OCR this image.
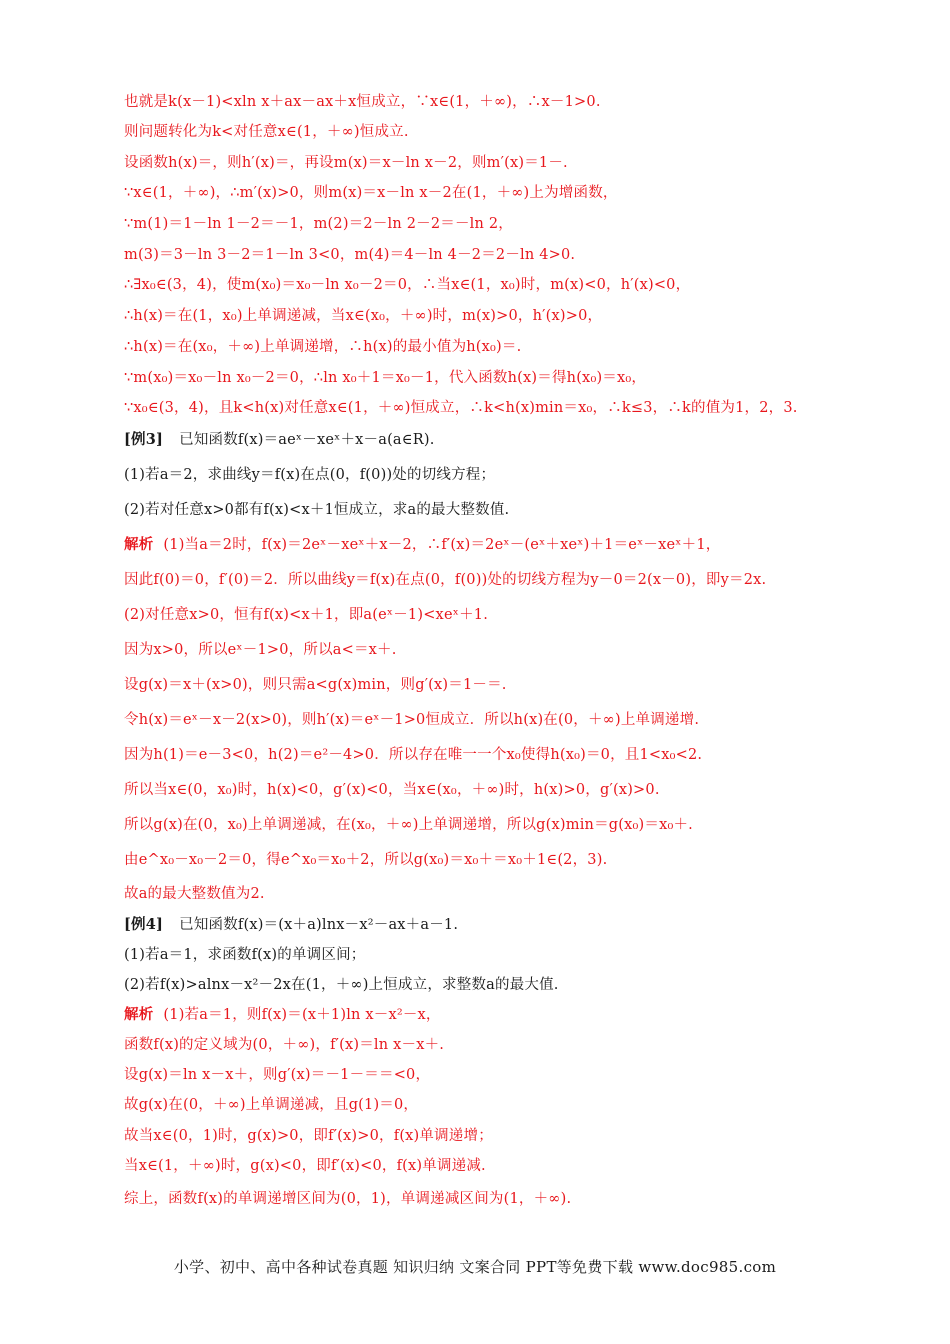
也就是k(x－1)<xln x＋ax－ax＋x恒成立，∵x∈(1，＋∞)，∴x－1>0.
则问题转化为k<对任意x∈(1，＋∞)恒成立.
设函数h(x)＝，则h′(x)＝，再设m(x)＝x－ln x－2，则m′(x)＝1－.
∵x∈(1，＋∞)，∴m′(x)>0，则m(x)＝x－ln x－2在(1，＋∞)上为增函数，
∵m(1)＝1－ln 1－2＝－1，m(2)＝2－ln 2－2＝－ln 2，
m(3)＝3－ln 3－2＝1－ln 3<0，m(4)＝4－ln 4－2＝2－ln 4>0.
∴∃x₀∈(3，4)，使m(x₀)＝x₀－ln x₀－2＝0，∴当x∈(1，x₀)时，m(x)<0，h′(x)<0，
∴h(x)＝在(1，x₀)上单调递减，当x∈(x₀，＋∞)时，m(x)>0，h′(x)>0，
∴h(x)＝在(x₀，＋∞)上单调递增，∴h(x)的最小值为h(x₀)＝.
∵m(x₀)＝x₀－ln x₀－2＝0，∴ln x₀＋1＝x₀－1，代入函数h(x)＝得h(x₀)＝x₀，
∵x₀∈(3，4)，且k<h(x)对任意x∈(1，＋∞)恒成立，∴k<h(x)min＝x₀，∴k≤3，∴k的值为1，2，3.
[例3] 已知函数f(x)＝aeˣ－xeˣ＋x－a(a∈R).
(1)若a＝2，求曲线y＝f(x)在点(0，f(0))处的切线方程；
(2)若对任意x>0都有f(x)<x＋1恒成立，求a的最大整数值.
解析 (1)当a＝2时，f(x)＝2eˣ－xeˣ＋x－2，∴f′(x)＝2eˣ－(eˣ＋xeˣ)＋1＝eˣ－xeˣ＋1，
因此f(0)＝0，f′(0)＝2．所以曲线y＝f(x)在点(0，f(0))处的切线方程为y－0＝2(x－0)，即y＝2x.
(2)对任意x>0，恒有f(x)<x＋1，即a(eˣ－1)<xeˣ＋1.
因为x>0，所以eˣ－1>0，所以a<＝x＋.
设g(x)＝x＋(x>0)，则只需a<g(x)min，则g′(x)＝1－＝.
令h(x)＝eˣ－x－2(x>0)，则h′(x)＝eˣ－1>0恒成立．所以h(x)在(0，＋∞)上单调递增.
因为h(1)＝e－3<0，h(2)＝e²－4>0．所以存在唯一一个x₀使得h(x₀)＝0，且1<x₀<2.
所以当x∈(0，x₀)时，h(x)<0，g′(x)<0，当x∈(x₀，＋∞)时，h(x)>0，g′(x)>0.
所以g(x)在(0，x₀)上单调递减，在(x₀，＋∞)上单调递增，所以g(x)min＝g(x₀)＝x₀＋.
由e^x₀－x₀－2＝0，得e^x₀＝x₀＋2，所以g(x₀)＝x₀＋＝x₀＋1∈(2，3).
故a的最大整数值为2.
[例4] 已知函数f(x)＝(x＋a)lnx－x²－ax＋a－1.
(1)若a＝1，求函数f(x)的单调区间；
(2)若f(x)>alnx－x²－2x在(1，＋∞)上恒成立，求整数a的最大值.
解析 (1)若a＝1，则f(x)＝(x＋1)ln x－x²－x，
函数f(x)的定义域为(0，＋∞)，f′(x)＝ln x－x＋.
设g(x)＝ln x－x＋，则g′(x)＝－1－＝＝<0，
故g(x)在(0，＋∞)上单调递减，且g(1)＝0，
故当x∈(0，1)时，g(x)>0，即f′(x)>0，f(x)单调递增；
当x∈(1，＋∞)时，g(x)<0，即f′(x)<0，f(x)单调递减.
综上，函数f(x)的单调递增区间为(0，1)，单调递减区间为(1，＋∞).
小学、初中、高中各种试卷真题 知识归纳 文案合同 PPT等免费下载 www.doc985.com
